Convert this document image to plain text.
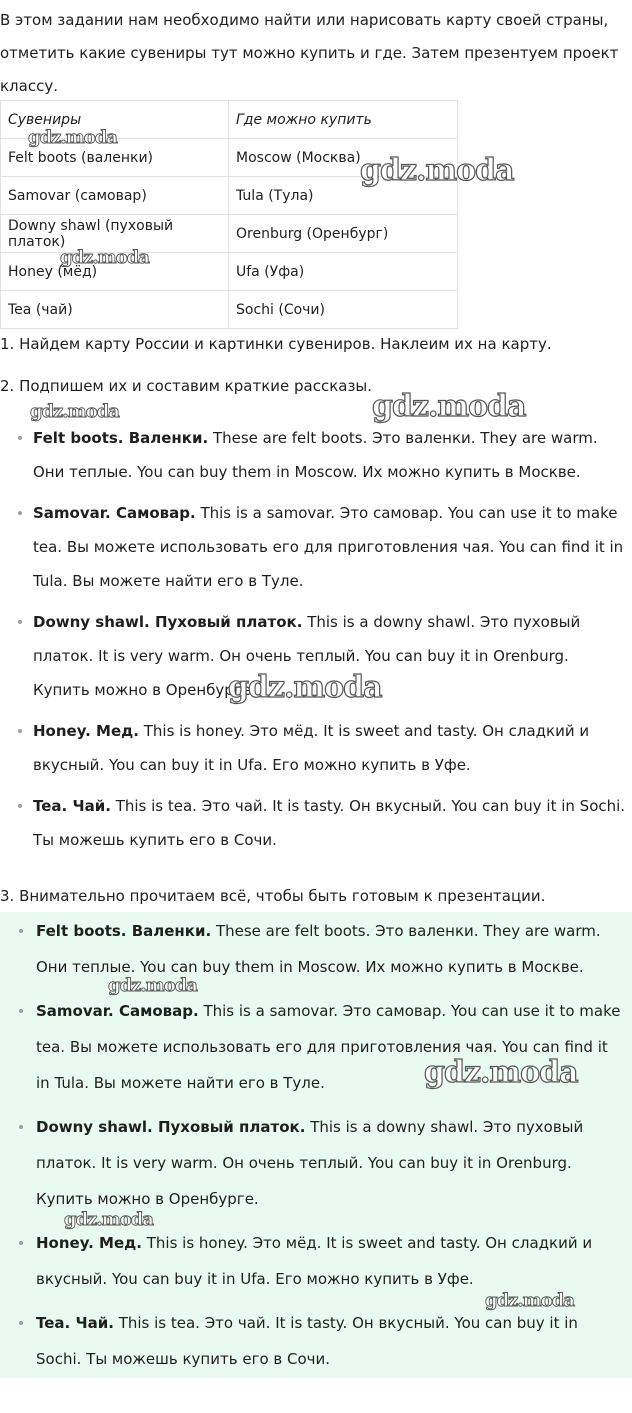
В этом задании нам необходимо найти или нарисовать карту своей страны, отметить какие сувениры тут можно купить и где. Затем презентуем проект классу.

Сувениры	Где можно купить
Felt boots (валенки)	Moscow (Москва)
Samovar (самовар)	Tula (Тула)
Downy shawl (пуховый платок)	Orenburg (Оренбург)
Honey (мёд)	Ufa (Уфа)
Tea (чай)	Sochi (Сочи)

1. Найдем карту России и картинки сувениров. Наклеим их на карту.

2. Подпишем их и составим краткие рассказы.

Felt boots. Валенки. These are felt boots. Это валенки. They are warm. Они теплые. You can buy them in Moscow. Их можно купить в Москве.
Samovar. Самовар. This is a samovar. Это самовар. You can use it to make tea. Вы можете использовать его для приготовления чая. You can find it in Tula. Вы можете найти его в Туле.
Downy shawl. Пуховый платок. This is a downy shawl. Это пуховый платок. It is very warm. Он очень теплый. You can buy it in Orenburg. Купить можно в Оренбурге.
Honey. Мед. This is honey. Это мёд. It is sweet and tasty. Он сладкий и вкусный. You can buy it in Ufa. Его можно купить в Уфе.
Tea. Чай. This is tea. Это чай. It is tasty. Он вкусный. You can buy it in Sochi. Ты можешь купить его в Сочи.

3. Внимательно прочитаем всё, чтобы быть готовым к презентации.

Felt boots. Валенки. These are felt boots. Это валенки. They are warm. Они теплые. You can buy them in Moscow. Их можно купить в Москве.
Samovar. Самовар. This is a samovar. Это самовар. You can use it to make tea. Вы можете использовать его для приготовления чая. You can find it in Tula. Вы можете найти его в Туле.
Downy shawl. Пуховый платок. This is a downy shawl. Это пуховый платок. It is very warm. Он очень теплый. You can buy it in Orenburg. Купить можно в Оренбурге.
Honey. Мед. This is honey. Это мёд. It is sweet and tasty. Он сладкий и вкусный. You can buy it in Ufa. Его можно купить в Уфе.
Tea. Чай. This is tea. Это чай. It is tasty. Он вкусный. You can buy it in Sochi. Ты можешь купить его в Сочи.
gdz.moda
gdz.moda
gdz.moda
gdz.moda	gdz.moda
gdz.moda
gdz.moda
gdz.moda
gdz.moda
gdz.moda
